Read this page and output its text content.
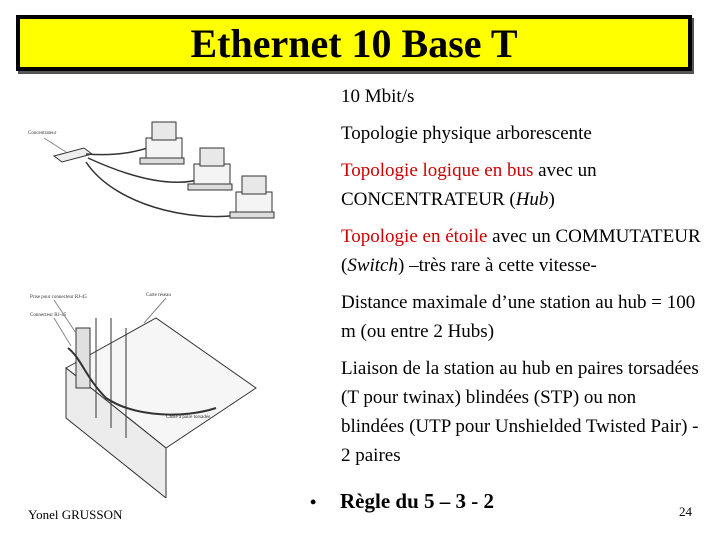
Ethernet 10 Base T
Concentrateur
Prise pour connecteur RJ-45
Connecteur RJ-45
Carte réseau
Câble à paire torsadée
10 Mbit/s
Topologie physique arborescente
Topologie logique en bus avec un CONCENTRATEUR (Hub)
Topologie en étoile avec un COMMUTATEUR (Switch) –très rare à cette vitesse-
Distance maximale d’une station au hub = 100 m (ou entre 2 Hubs)
Liaison de la station au hub en paires torsadées (T pour twinax) blindées (STP) ou non blindées (UTP pour Unshielded Twisted Pair) - 2 paires
• Règle du 5 – 3 - 2
Yonel GRUSSON	24
